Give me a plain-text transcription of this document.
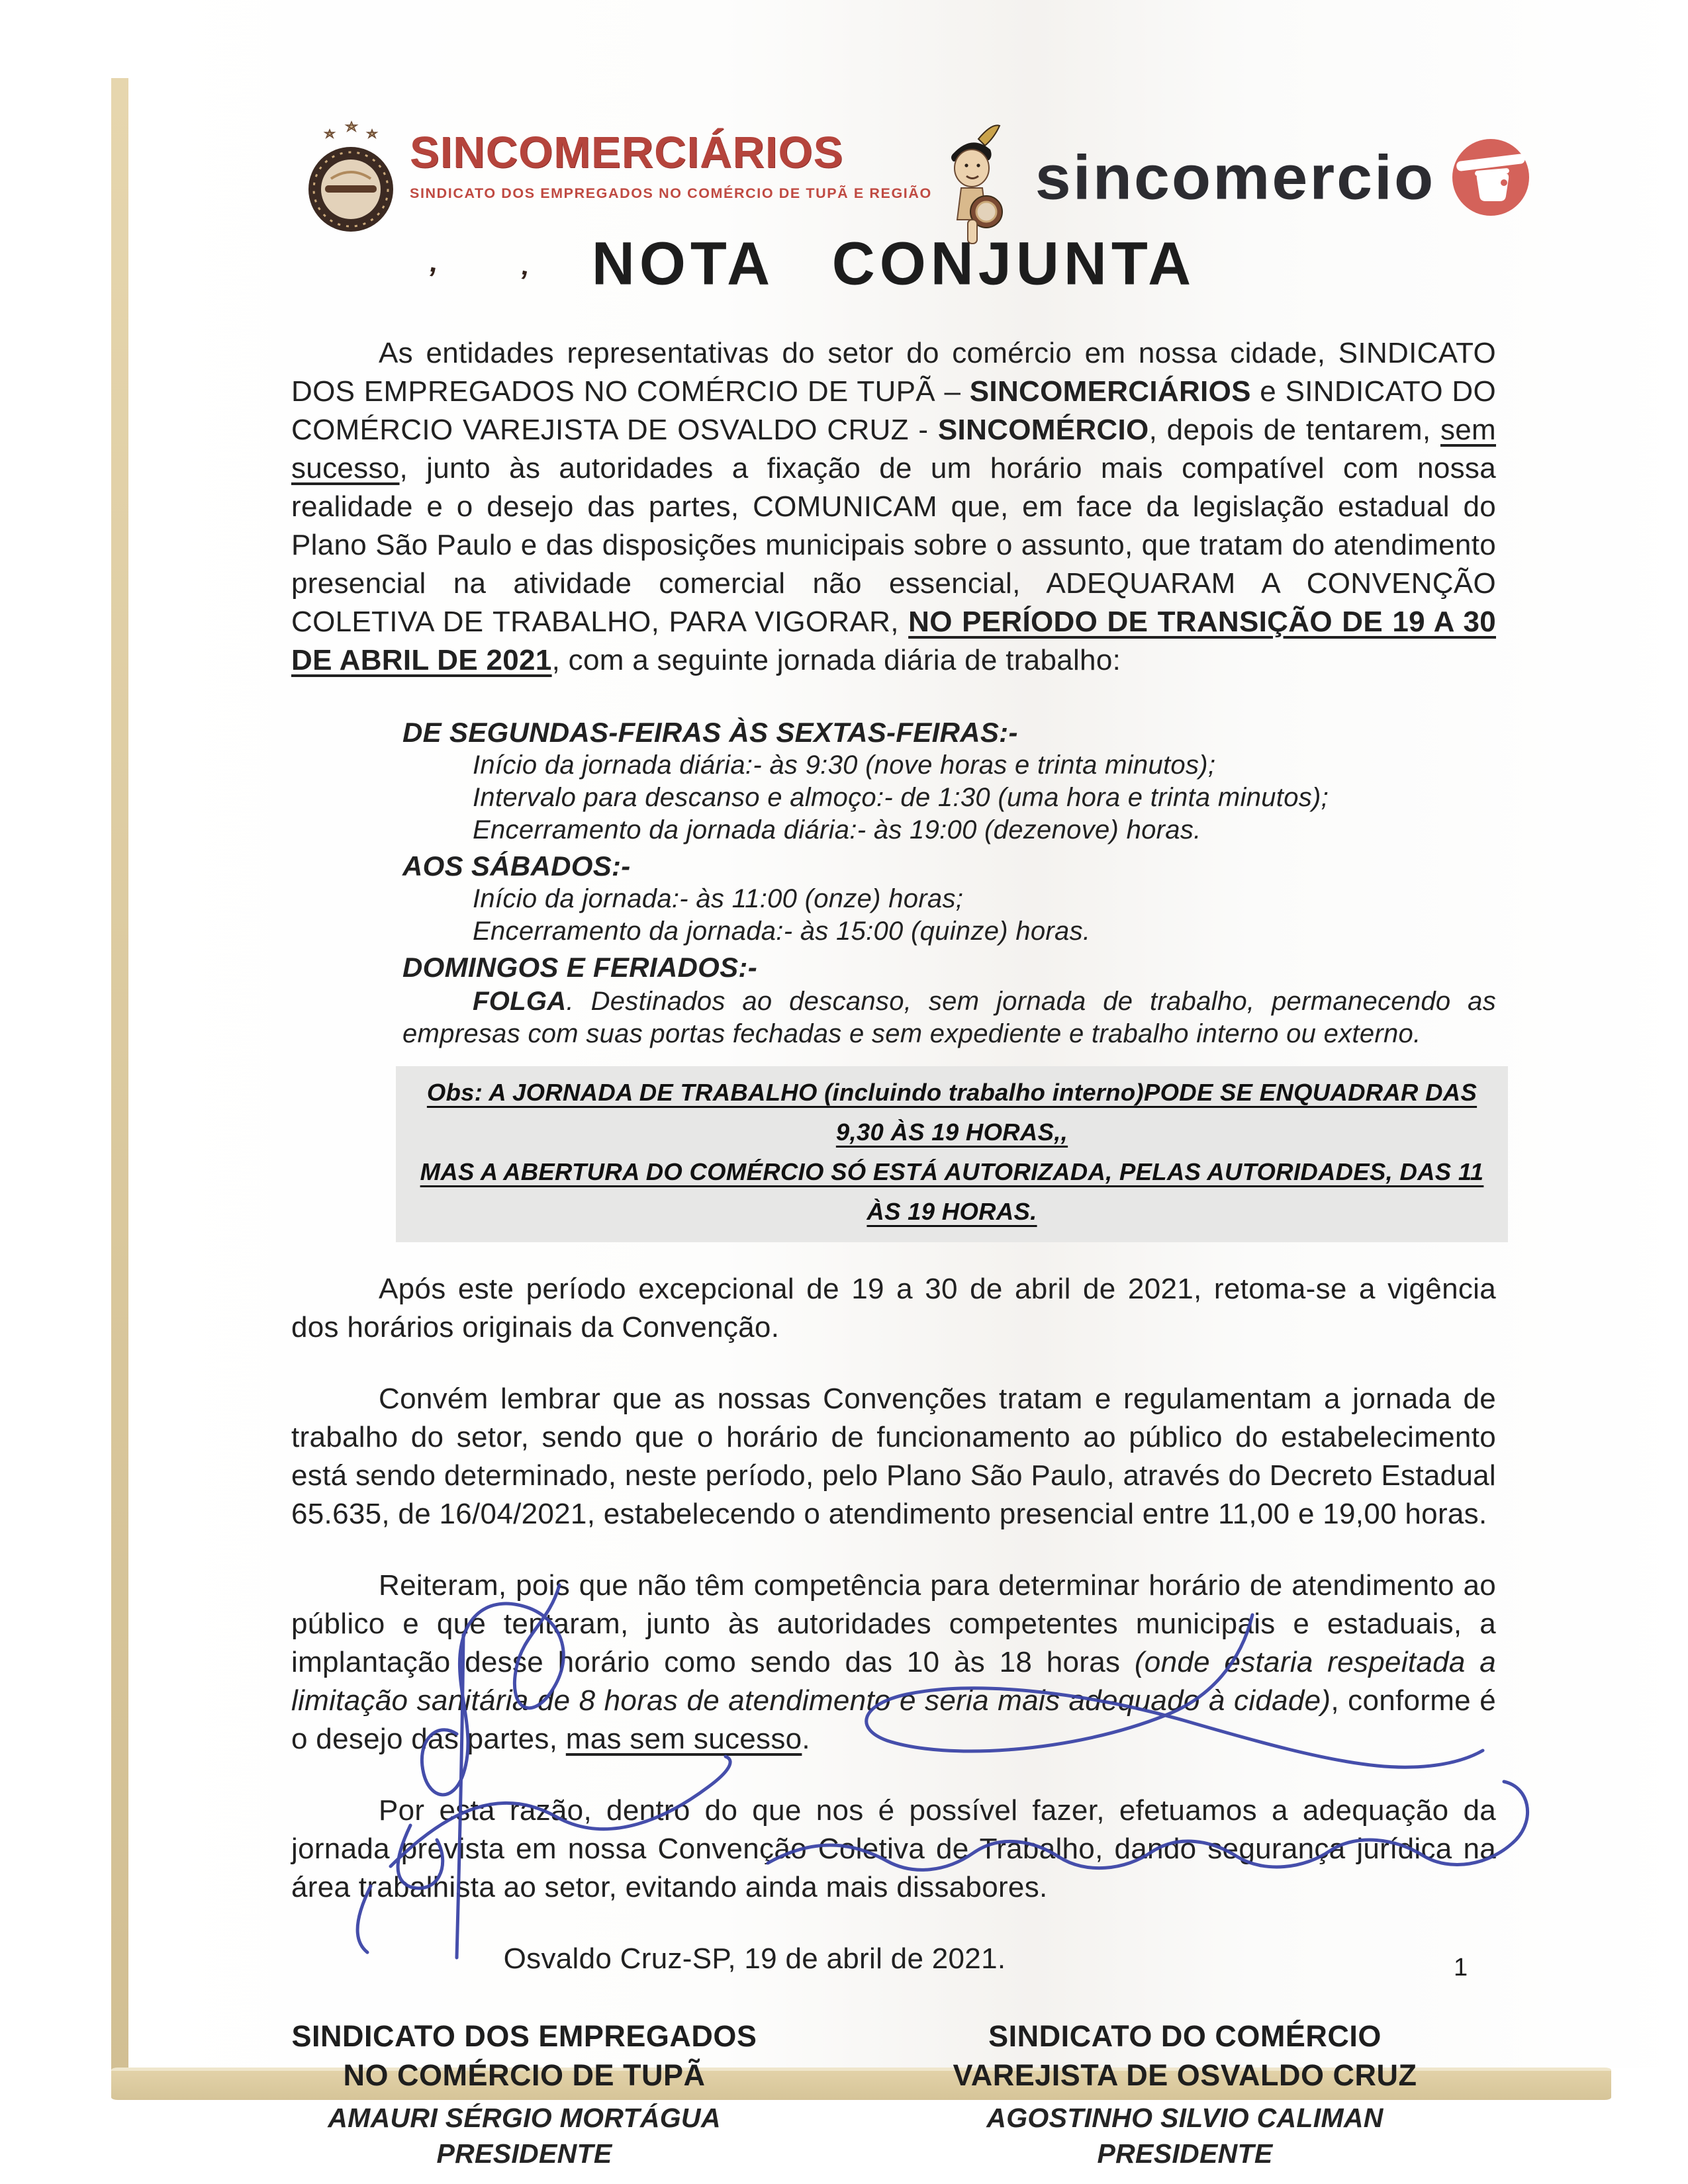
SINCOMERCIÁRIOS
SINDICATO DOS EMPREGADOS NO COMÉRCIO DE TUPÃ E REGIÃO sincomercio
, ’ NOTA CONJUNTA

As entidades representativas do setor do comércio em nossa cidade, SINDICATO DOS EMPREGADOS NO COMÉRCIO DE TUPÃ – SINCOMERCIÁRIOS e SINDICATO DO COMÉRCIO VAREJISTA DE OSVALDO CRUZ - SINCOMÉRCIO, depois de tentarem, sem sucesso, junto às autoridades a fixação de um horário mais compatível com nossa realidade e o desejo das partes, COMUNICAM que, em face da legislação estadual do Plano São Paulo e das disposições municipais sobre o assunto, que tratam do atendimento presencial na atividade comercial não essencial, ADEQUARAM A CONVENÇÃO COLETIVA DE TRABALHO, PARA VIGORAR, NO PERÍODO DE TRANSIÇÃO DE 19 A 30 DE ABRIL DE 2021, com a seguinte jornada diária de trabalho:

DE SEGUNDAS-FEIRAS ÀS SEXTAS-FEIRAS:-
Início da jornada diária:- às 9:30 (nove horas e trinta minutos);
Intervalo para descanso e almoço:- de 1:30 (uma hora e trinta minutos);
Encerramento da jornada diária:- às 19:00 (dezenove) horas.
AOS SÁBADOS:-
Início da jornada:- às 11:00 (onze) horas;
Encerramento da jornada:- às 15:00 (quinze) horas.
DOMINGOS E FERIADOS:-

FOLGA. Destinados ao descanso, sem jornada de trabalho, permanecendo as empresas com suas portas fechadas e sem expediente e trabalho interno ou externo.

Obs: A JORNADA DE TRABALHO (incluindo trabalho interno)PODE SE ENQUADRAR DAS 9,30 ÀS 19 HORAS,,
MAS A ABERTURA DO COMÉRCIO SÓ ESTÁ AUTORIZADA, PELAS AUTORIDADES, DAS 11 ÀS 19 HORAS.

Após este período excepcional de 19 a 30 de abril de 2021, retoma-se a vigência dos horários originais da Convenção.

Convém lembrar que as nossas Convenções tratam e regulamentam a jornada de trabalho do setor, sendo que o horário de funcionamento ao público do estabelecimento está sendo determinado, neste período, pelo Plano São Paulo, através do Decreto Estadual 65.635, de 16/04/2021, estabelecendo o atendimento presencial entre 11,00 e 19,00 horas.

Reiteram, pois que não têm competência para determinar horário de atendimento ao público e que tentaram, junto às autoridades competentes municipais e estaduais, a implantação desse horário como sendo das 10 às 18 horas (onde estaria respeitada a limitação sanitária de 8 horas de atendimento e seria mais adequado à cidade), conforme é o desejo das partes, mas sem sucesso.

Por esta razão, dentro do que nos é possível fazer, efetuamos a adequação da jornada prevista em nossa Convenção Coletiva de Trabalho, dando segurança jurídica na área trabalhista ao setor, evitando ainda mais dissabores.

Osvaldo Cruz-SP, 19 de abril de 2021.

SINDICATO DOS EMPREGADOS
NO COMÉRCIO DE TUPÃ
AMAURI SÉRGIO MORTÁGUA
PRESIDENTE
SINDICATO DO COMÉRCIO
VAREJISTA DE OSVALDO CRUZ
AGOSTINHO SILVIO CALIMAN
PRESIDENTE
1
